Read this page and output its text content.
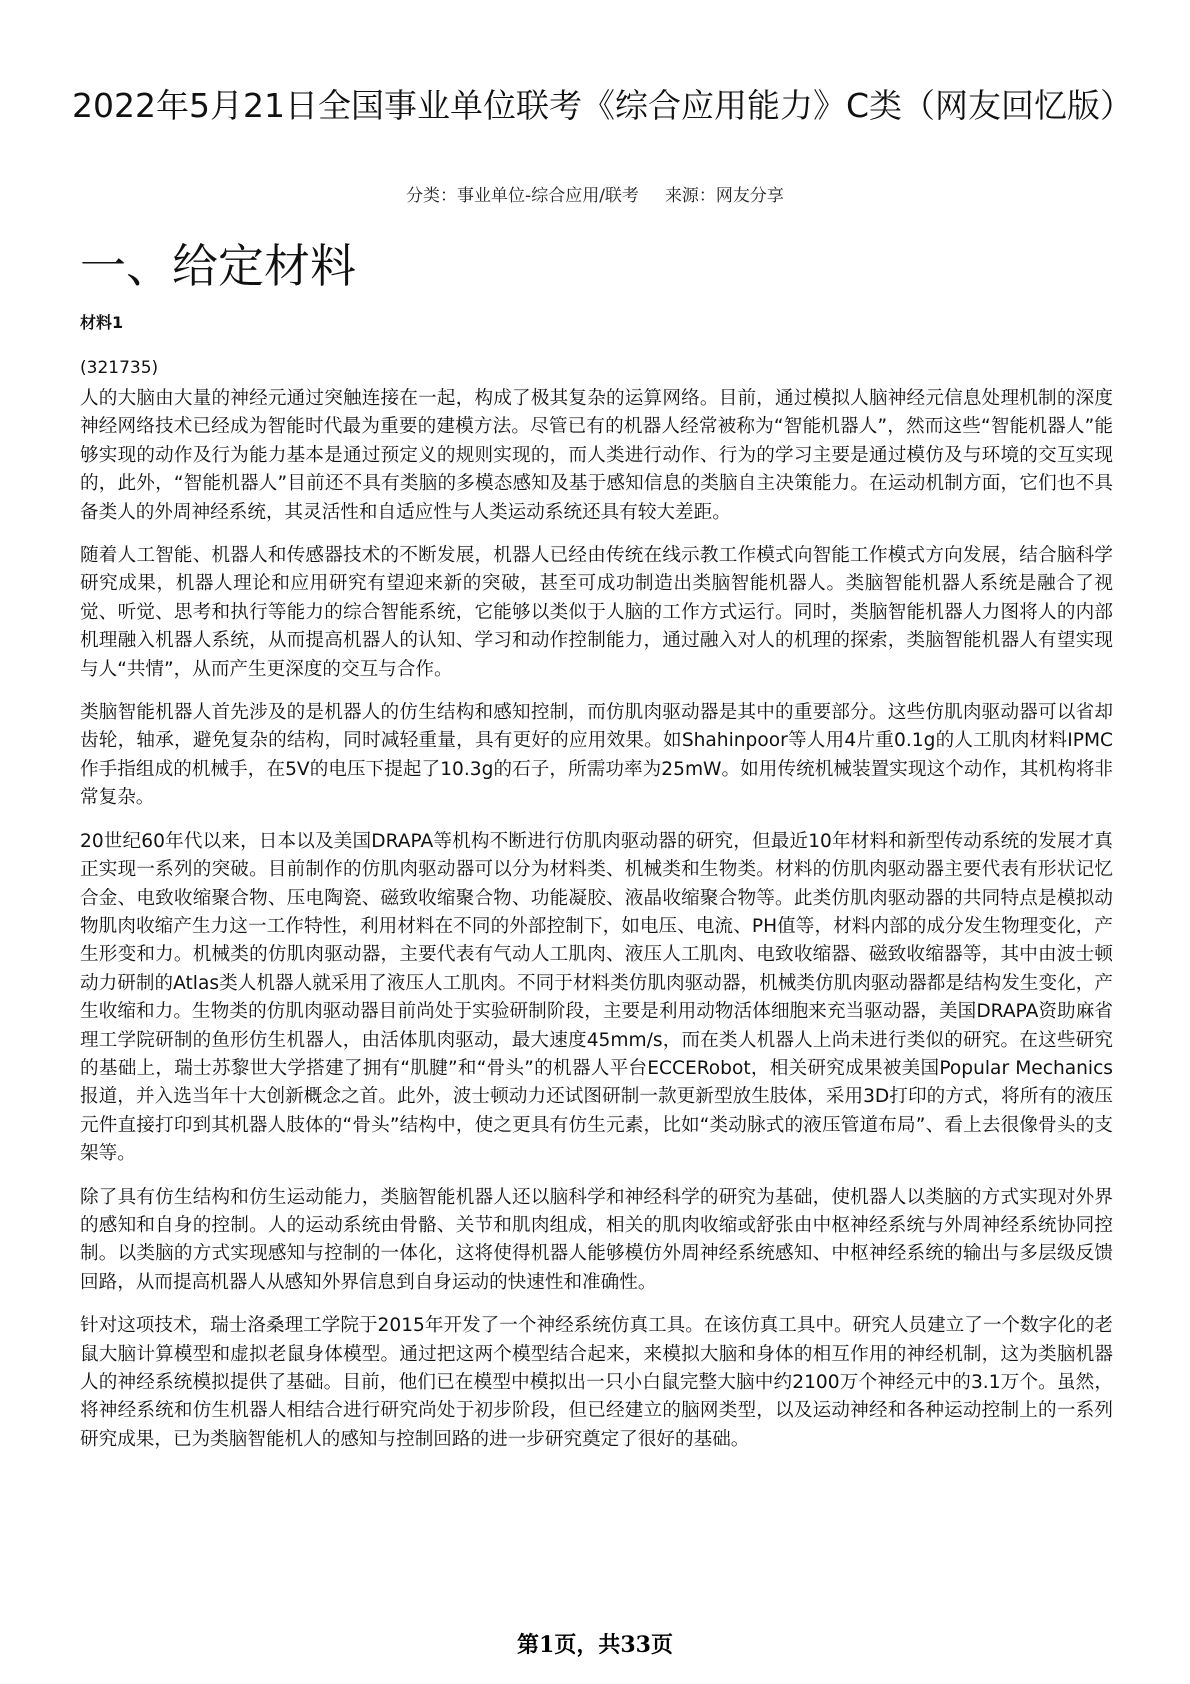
2022年5月21日全国事业单位联考《综合应用能力》C类（网友回忆版）
分类：事业单位-综合应用/联考 来源：网友分享
一、给定材料
材料1
(321735)

人的大脑由大量的神经元通过突触连接在一起，构成了极其复杂的运算网络。目前，通过模拟人脑神经元信息处理机制的深度神经网络技术已经成为智能时代最为重要的建模方法。尽管已有的机器人经常被称为“智能机器人”，然而这些“智能机器人”能够实现的动作及行为能力基本是通过预定义的规则实现的，而人类进行动作、行为的学习主要是通过模仿及与环境的交互实现的，此外，“智能机器人”目前还不具有类脑的多模态感知及基于感知信息的类脑自主决策能力。在运动机制方面，它们也不具备类人的外周神经系统，其灵活性和自适应性与人类运动系统还具有较大差距。

随着人工智能、机器人和传感器技术的不断发展，机器人已经由传统在线示教工作模式向智能工作模式方向发展，结合脑科学研究成果，机器人理论和应用研究有望迎来新的突破，甚至可成功制造出类脑智能机器人。类脑智能机器人系统是融合了视觉、听觉、思考和执行等能力的综合智能系统，它能够以类似于人脑的工作方式运行。同时，类脑智能机器人力图将人的内部机理融入机器人系统，从而提高机器人的认知、学习和动作控制能力，通过融入对人的机理的探索，类脑智能机器人有望实现与人“共情”，从而产生更深度的交互与合作。

类脑智能机器人首先涉及的是机器人的仿生结构和感知控制，而仿肌肉驱动器是其中的重要部分。这些仿肌肉驱动器可以省却齿轮，轴承，避免复杂的结构，同时减轻重量，具有更好的应用效果。如Shahinpoor等人用4片重0.1g的人工肌肉材料IPMC作手指组成的机械手，在5V的电压下提起了10.3g的石子，所需功率为25mW。如用传统机械装置实现这个动作，其机构将非常复杂。

20世纪60年代以来，日本以及美国DRAPA等机构不断进行仿肌肉驱动器的研究，但最近10年材料和新型传动系统的发展才真正实现一系列的突破。目前制作的仿肌肉驱动器可以分为材料类、机械类和生物类。材料的仿肌肉驱动器主要代表有形状记忆合金、电致收缩聚合物、压电陶瓷、磁致收缩聚合物、功能凝胶、液晶收缩聚合物等。此类仿肌肉驱动器的共同特点是模拟动物肌肉收缩产生力这一工作特性，利用材料在不同的外部控制下，如电压、电流、PH值等，材料内部的成分发生物理变化，产生形变和力。机械类的仿肌肉驱动器，主要代表有气动人工肌肉、液压人工肌肉、电致收缩器、磁致收缩器等，其中由波士顿动力研制的Atlas类人机器人就采用了液压人工肌肉。不同于材料类仿肌肉驱动器，机械类仿肌肉驱动器都是结构发生变化，产生收缩和力。生物类的仿肌肉驱动器目前尚处于实验研制阶段，主要是利用动物活体细胞来充当驱动器，美国DRAPA资助麻省理工学院研制的鱼形仿生机器人，由活体肌肉驱动，最大速度45mm/s，而在类人机器人上尚未进行类似的研究。在这些研究的基础上，瑞士苏黎世大学搭建了拥有“肌腱”和“骨头”的机器人平台ECCERobot，相关研究成果被美国Popular Mechanics报道，并入选当年十大创新概念之首。此外，波士顿动力还试图研制一款更新型放生肢体，采用3D打印的方式，将所有的液压元件直接打印到其机器人肢体的“骨头”结构中，使之更具有仿生元素，比如“类动脉式的液压管道布局”、看上去很像骨头的支架等。

除了具有仿生结构和仿生运动能力，类脑智能机器人还以脑科学和神经科学的研究为基础，使机器人以类脑的方式实现对外界的感知和自身的控制。人的运动系统由骨骼、关节和肌肉组成，相关的肌肉收缩或舒张由中枢神经系统与外周神经系统协同控制。以类脑的方式实现感知与控制的一体化，这将使得机器人能够模仿外周神经系统感知、中枢神经系统的输出与多层级反馈回路，从而提高机器人从感知外界信息到自身运动的快速性和准确性。

针对这项技术，瑞士洛桑理工学院于2015年开发了一个神经系统仿真工具。在该仿真工具中。研究人员建立了一个数字化的老鼠大脑计算模型和虚拟老鼠身体模型。通过把这两个模型结合起来，来模拟大脑和身体的相互作用的神经机制，这为类脑机器人的神经系统模拟提供了基础。目前，他们已在模型中模拟出一只小白鼠完整大脑中约2100万个神经元中的3.1万个。虽然，将神经系统和仿生机器人相结合进行研究尚处于初步阶段，但已经建立的脑网类型，以及运动神经和各种运动控制上的一系列研究成果，已为类脑智能机人的感知与控制回路的进一步研究奠定了很好的基础。

第1页，共33页
